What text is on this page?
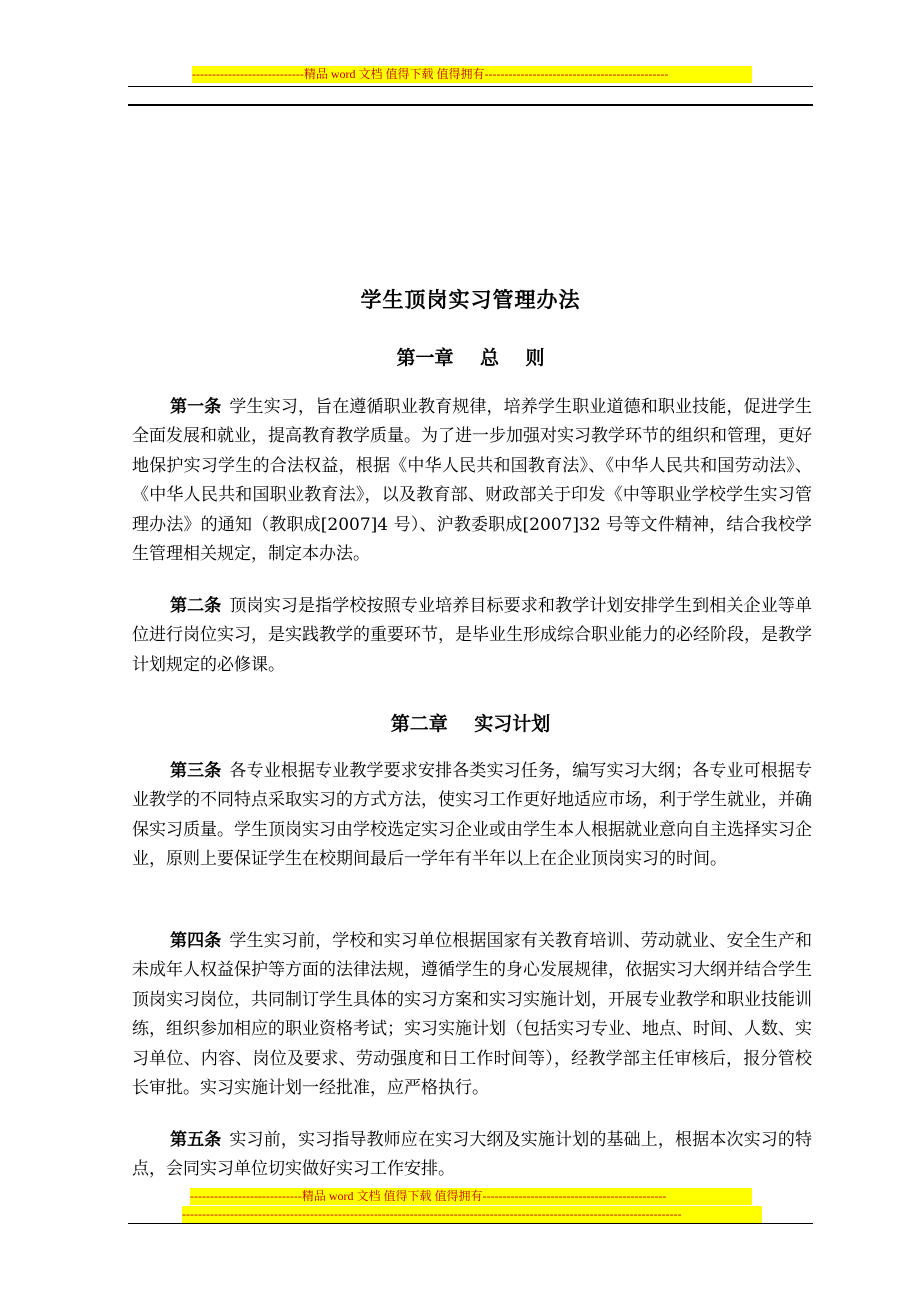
----------------------------精品 word 文档 值得下载 值得拥有----------------------------------------------
学生顶岗实习管理办法
第一章    总    则

第一条 学生实习，旨在遵循职业教育规律，培养学生职业道德和职业技能，促进学生全面发展和就业，提高教育教学质量。为了进一步加强对实习教学环节的组织和管理，更好地保护实习学生的合法权益，根据《中华人民共和国教育法》、《中华人民共和国劳动法》、《中华人民共和国职业教育法》，以及教育部、财政部关于印发《中等职业学校学生实习管理办法》的通知（教职成[2007]4 号）、沪教委职成[2007]32 号等文件精神，结合我校学生管理相关规定，制定本办法。

第二条 顶岗实习是指学校按照专业培养目标要求和教学计划安排学生到相关企业等单位进行岗位实习，是实践教学的重要环节，是毕业生形成综合职业能力的必经阶段，是教学计划规定的必修课。

第二章    实习计划

第三条 各专业根据专业教学要求安排各类实习任务，编写实习大纲；各专业可根据专业教学的不同特点采取实习的方式方法，使实习工作更好地适应市场，利于学生就业，并确保实习质量。学生顶岗实习由学校选定实习企业或由学生本人根据就业意向自主选择实习企业，原则上要保证学生在校期间最后一学年有半年以上在企业顶岗实习的时间。

第四条 学生实习前，学校和实习单位根据国家有关教育培训、劳动就业、安全生产和未成年人权益保护等方面的法律法规，遵循学生的身心发展规律，依据实习大纲并结合学生顶岗实习岗位，共同制订学生具体的实习方案和实习实施计划，开展专业教学和职业技能训练，组织参加相应的职业资格考试；实习实施计划（包括实习专业、地点、时间、人数、实习单位、内容、岗位及要求、劳动强度和日工作时间等），经教学部主任审核后，报分管校长审批。实习实施计划一经批准，应严格执行。

第五条 实习前，实习指导教师应在实习大纲及实施计划的基础上，根据本次实习的特点，会同实习单位切实做好实习工作安排。

----------------------------精品 word 文档 值得下载 值得拥有----------------------------------------------
-----------------------------------------------------------------------------------------------------------------------------
